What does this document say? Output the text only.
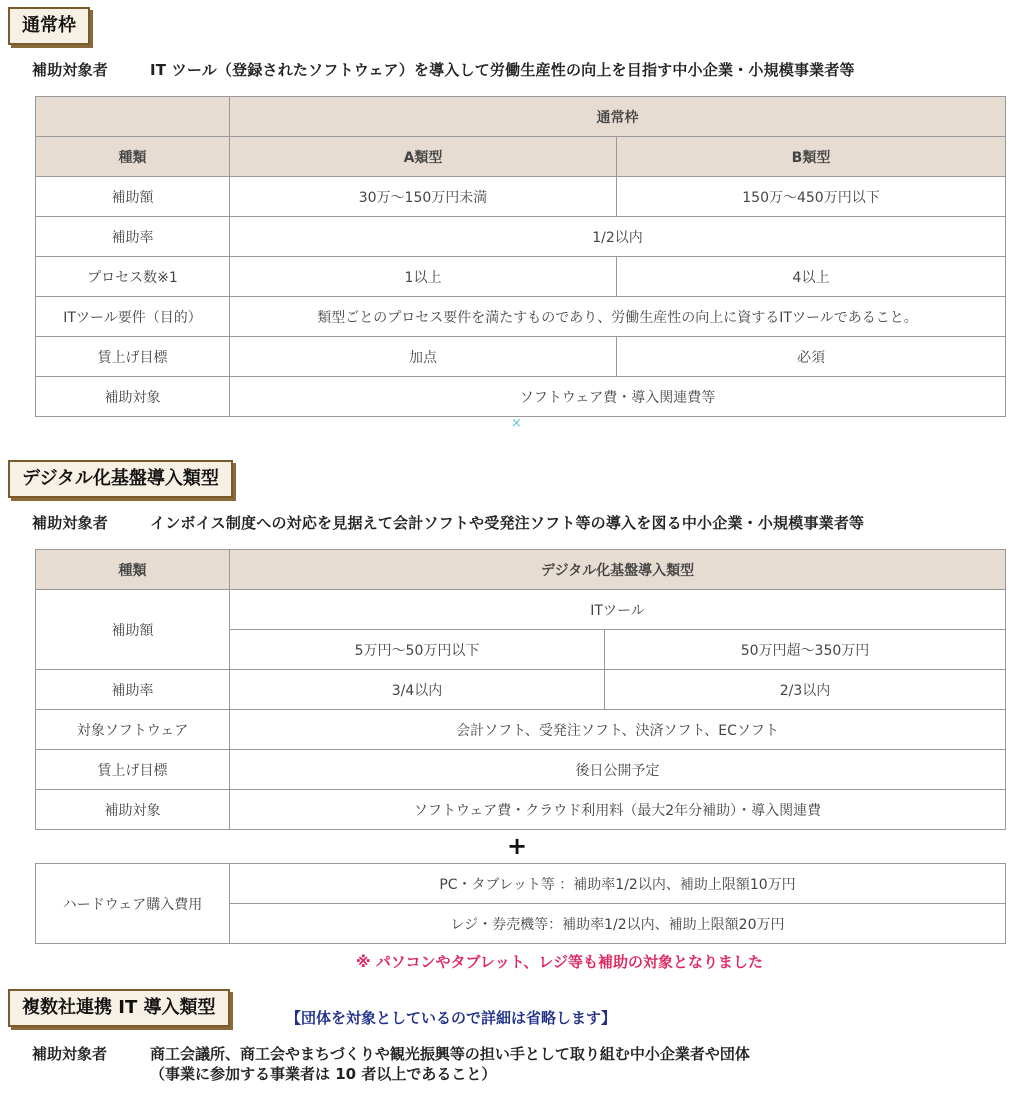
通常枠
補助対象者	IT ツール（登録されたソフトウェア）を導入して労働生産性の向上を目指す中小企業・小規模事業者等
	通常枠	
種類	A類型	B類型
補助額	30万～150万円未満	150万～450万円以下
補助率	1/2以内	
プロセス数※1	1以上	4以上
ITツール要件（目的）	類型ごとのプロセス要件を満たすものであり、労働生産性の向上に資するITツールであること。	
賃上げ目標	加点	必須
補助対象	ソフトウェア費・導入関連費等	
×
デジタル化基盤導入類型
補助対象者	インボイス制度への対応を見据えて会計ソフトや受発注ソフト等の導入を図る中小企業・小規模事業者等
種類	デジタル化基盤導入類型	
補助額	ITツール	
	5万円～50万円以下	50万円超～350万円
補助率	3/4以内	2/3以内
対象ソフトウェア	会計ソフト、受発注ソフト、決済ソフト、ECソフト	
賃上げ目標	後日公開予定	
補助対象	ソフトウェア費・クラウド利用料（最大2年分補助）・導入関連費	
+
ハードウェア購入費用	PC・タブレット等 ：補助率1/2以内、補助上限額10万円
レジ・券売機等：補助率1/2以内、補助上限額20万円
※ パソコンやタブレット、レジ等も補助の対象となりました
複数社連携 IT 導入類型	【団体を対象としているので詳細は省略します】
補助対象者	商工会議所、商工会やまちづくりや観光振興等の担い手として取り組む中小企業者や団体
（事業に参加する事業者は 10 者以上であること）
